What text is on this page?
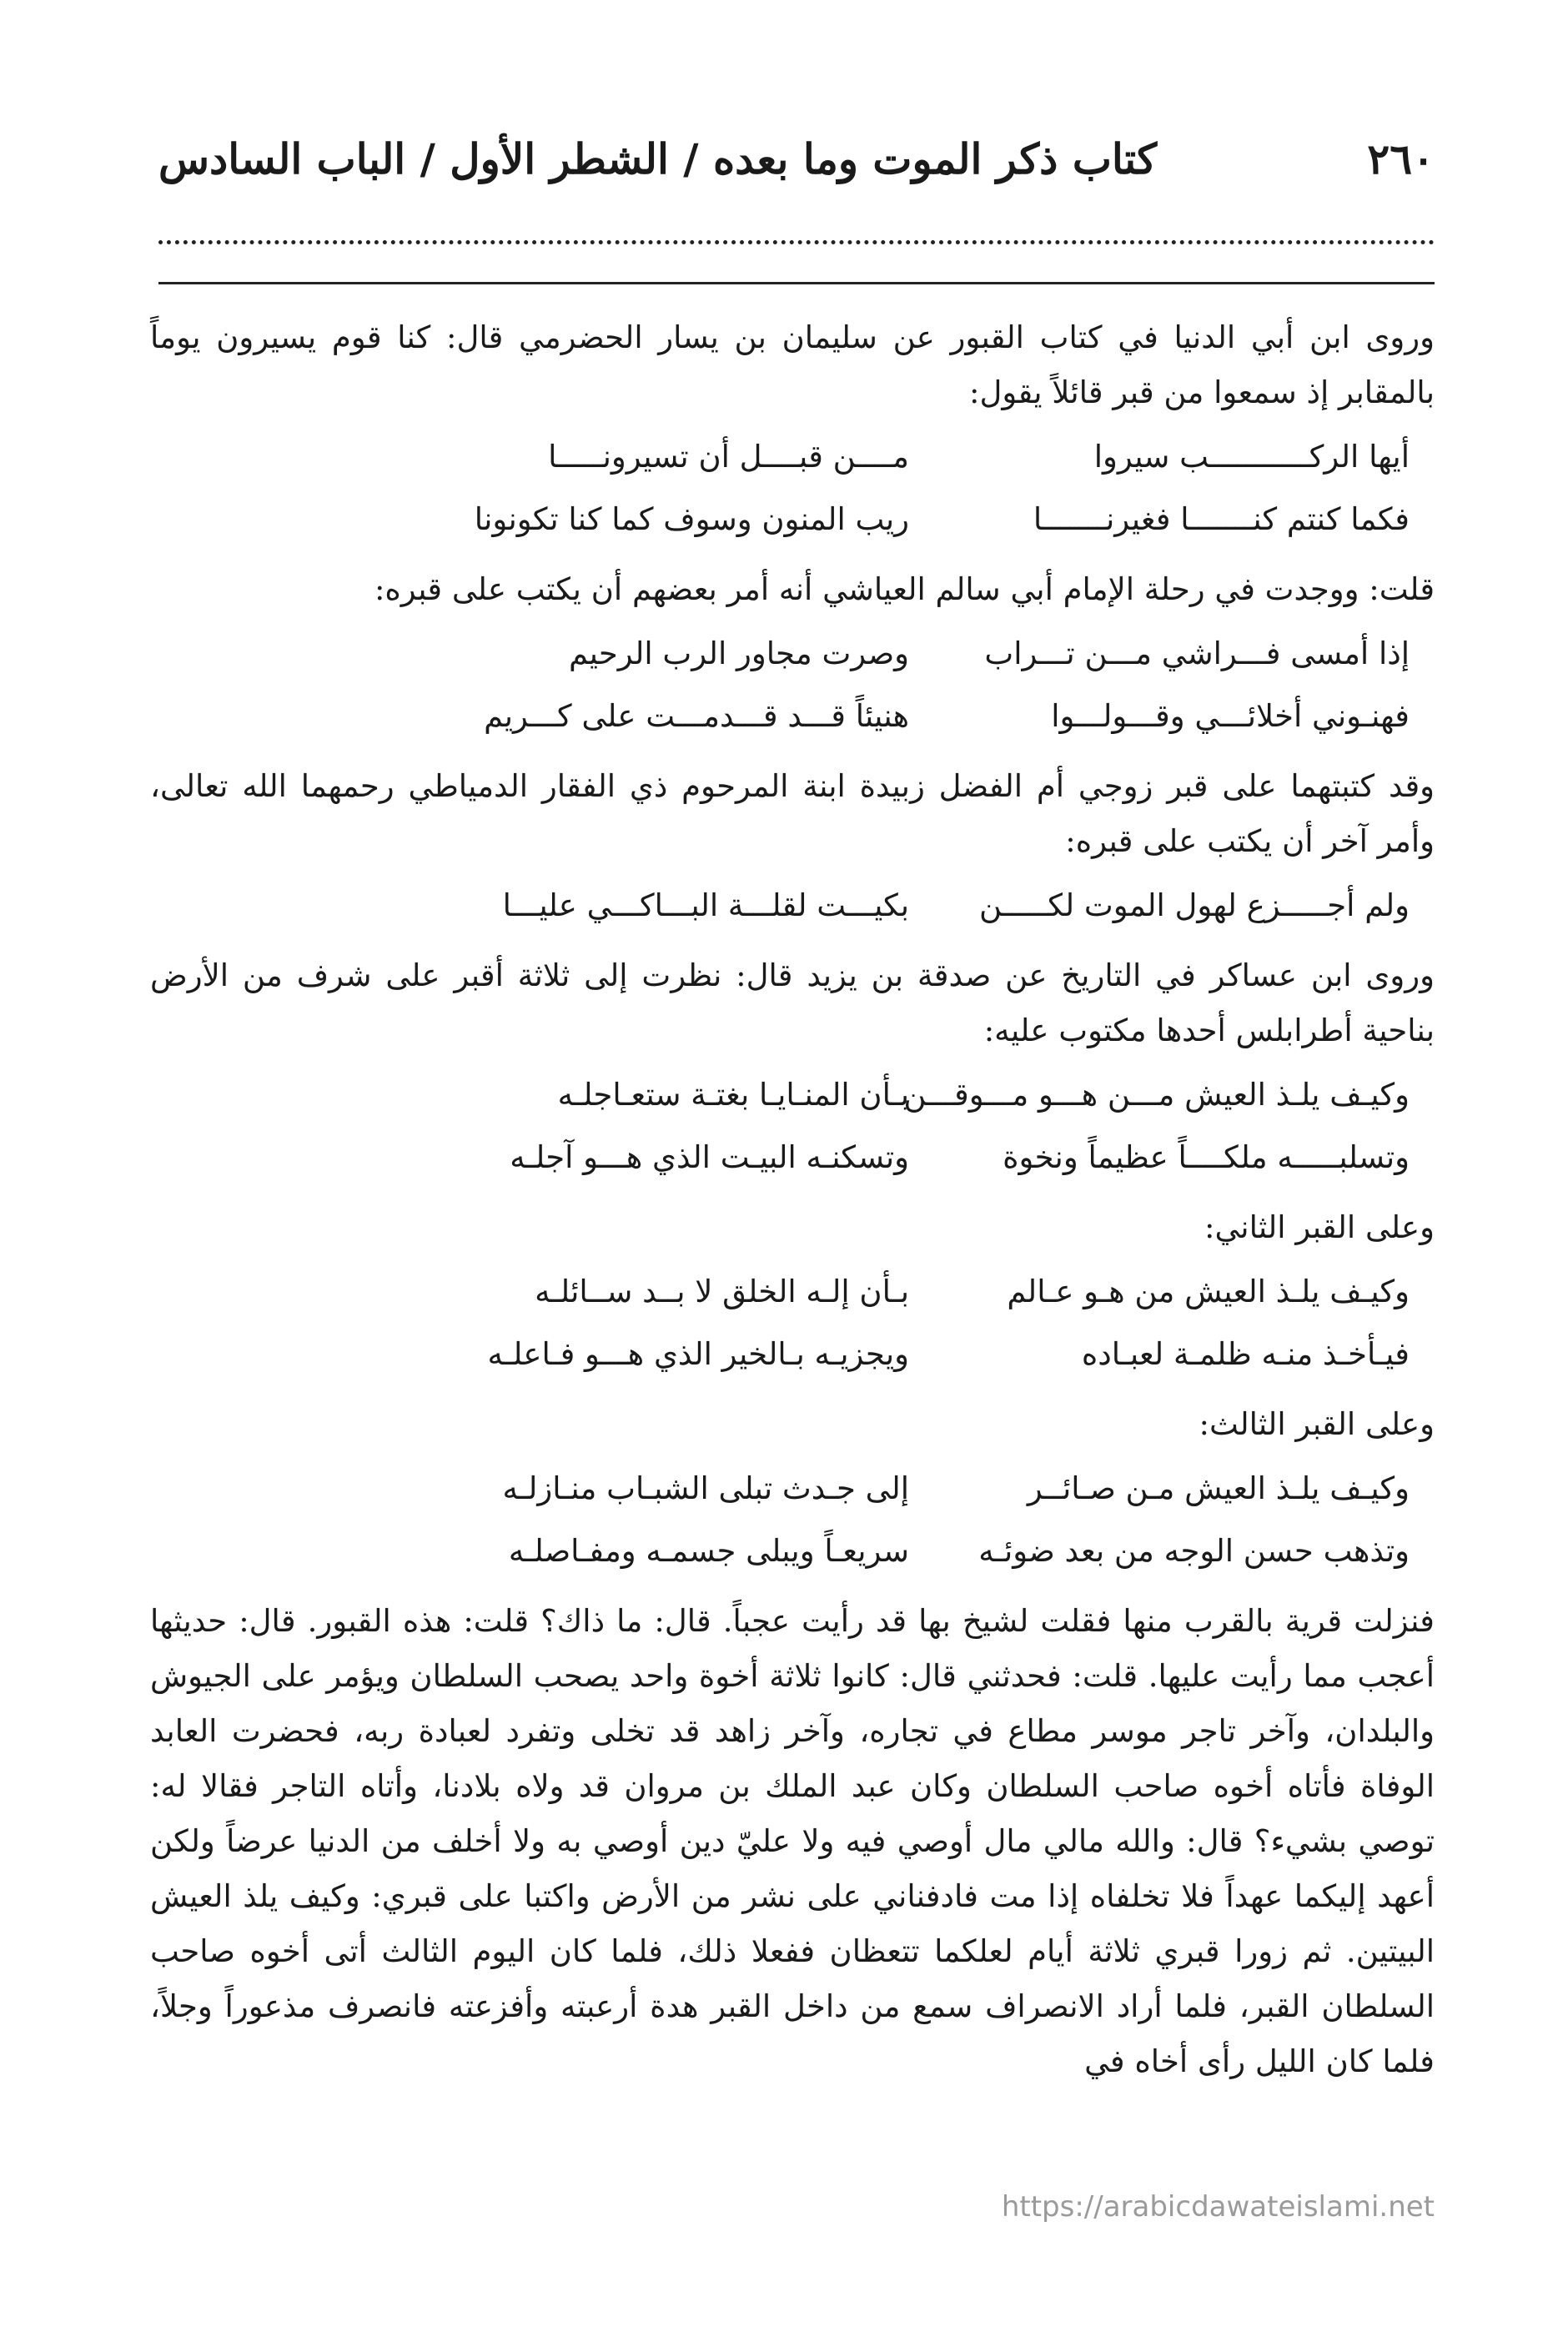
٢٦٠
كتاب ذكر الموت وما بعده / الشطر الأول / الباب السادس

وروى ابن أبي الدنيا في كتاب القبور عن سليمان بن يسار الحضرمي قال: كنا قوم يسيرون يوماً بالمقابر إذ سمعوا من قبر قائلاً يقول:

أيها الركـــــــــــب سيروا
مــــن قبــــل أن تسيرونـــــا
فكما كنتم كنـــــــا فغيرنـــــــا
ريب المنون وسوف كما كنا تكونونا

قلت: ووجدت في رحلة الإمام أبي سالم العياشي أنه أمر بعضهم أن يكتب على قبره:

إذا أمسى فـــراشي مـــن تـــراب
وصرت مجاور الرب الرحيم
فهنـوني أخلائـــي وقـــولـــوا
هنيئاً قـــد قـــدمـــت على كـــريم

وقد كتبتهما على قبر زوجي أم الفضل زبيدة ابنة المرحوم ذي الفقار الدمياطي رحمهما الله تعالى، وأمر آخر أن يكتب على قبره:

ولم أجـــــزع لهول الموت لكـــــن
بكيـــت لقلـــة البـــاكـــي عليـــا

وروى ابن عساكر في التاريخ عن صدقة بن يزيد قال: نظرت إلى ثلاثة أقبر على شرف من الأرض بناحية أطرابلس أحدها مكتوب عليه:

وكيـف يلـذ العيش مـــن هـــو مـــوقـــن
بـأن المنـايـا بغتـة ستعـاجلـه
وتسلبـــــه ملكــــاً عظيماً ونخوة
وتسكنـه البيـت الذي هـــو آجلـه

وعلى القبر الثاني:

وكيـف يلـذ العيش من هـو عـالم
بـأن إلـه الخلق لا بــد ســائلـه
فيـأخـذ منـه ظلمـة لعبـاده
ويجزيـه بـالخير الذي هـــو فـاعلـه

وعلى القبر الثالث:

وكيـف يلـذ العيش مـن صـائــر
إلى جـدث تبلى الشبـاب منـازلـه
وتذهب حسن الوجه من بعد ضوئـه
سريعـاً ويبلى جسمـه ومفـاصلـه

فنزلت قرية بالقرب منها فقلت لشيخ بها قد رأيت عجباً. قال: ما ذاك؟ قلت: هذه القبور. قال: حديثها أعجب مما رأيت عليها. قلت: فحدثني قال: كانوا ثلاثة أخوة واحد يصحب السلطان ويؤمر على الجيوش والبلدان، وآخر تاجر موسر مطاع في تجاره، وآخر زاهد قد تخلى وتفرد لعبادة ربه، فحضرت العابد الوفاة فأتاه أخوه صاحب السلطان وكان عبد الملك بن مروان قد ولاه بلادنا، وأتاه التاجر فقالا له: توصي بشيء؟ قال: والله مالي مال أوصي فيه ولا عليّ دين أوصي به ولا أخلف من الدنيا عرضاً ولكن أعهد إليكما عهداً فلا تخلفاه إذا مت فادفناني على نشر من الأرض واكتبا على قبري: وكيف يلذ العيش البيتين. ثم زورا قبري ثلاثة أيام لعلكما تتعظان ففعلا ذلك، فلما كان اليوم الثالث أتى أخوه صاحب السلطان القبر، فلما أراد الانصراف سمع من داخل القبر هدة أرعبته وأفزعته فانصرف مذعوراً وجلاً، فلما كان الليل رأى أخاه في

https://arabicdawateislami.net
